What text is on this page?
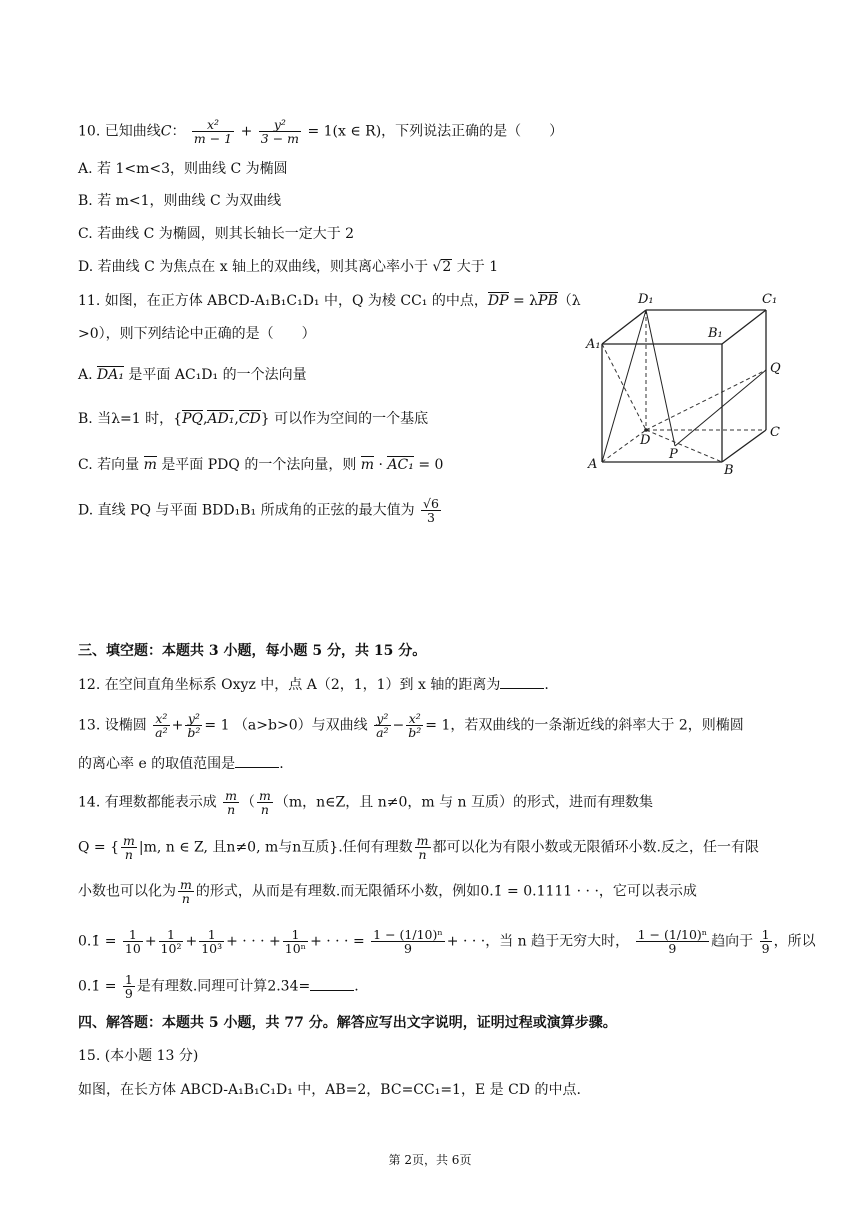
10. 已知曲线C： $\frac{\text{x²}}{m - 1} + \frac{\text{y²}}{3 - m} = 1(x$ ∈ R)，下列说法正确的是（　　）
A. 若 1<m<3，则曲线 C 为椭圆
B. 若 m<1，则曲线 C 为双曲线
C. 若曲线 C 为椭圆，则其长轴长一定大于 2
D. 若曲线 C 为焦点在 x 轴上的双曲线，则其离心率小于 √2 大于 1
11. 如图，在正方体 ABCD-A₁B₁C₁D₁ 中，Q 为棱 CC₁ 的中点，DP = λPB（λ
>0），则下列结论中正确的是（　　）
A. DA₁ 是平面 AC₁D₁ 的一个法向量
B. 当λ=1 时，{PQ,AD₁,CD} 可以作为空间的一个基底
C. 若向量 m 是平面 PDQ 的一个法向量，则 m · AC₁ = 0
D. 直线 PQ 与平面 BDD₁B₁ 所成角的正弦的最大值为 $\frac{√6}{3}$
D₁	C₁
A₁
B₁
Q
D
C
A
P
B
三、填空题：本题共 3 小题，每小题 5 分，共 15 分。
12. 在空间直角坐标系 Oxyz 中，点 A（2，1，1）到 x 轴的距离为	.
13. 设椭圆 $\frac{\text{x²}}{\text{a²}} + \frac{\text{y²}}{\text{b²}} = 1$ （a>b>0）与双曲线 $\frac{\text{y²}}{\text{a²}} - \frac{\text{x²}}{\text{b²}} = 1$，若双曲线的一条渐近线的斜率大于 2，则椭圆
的离心率 e 的取值范围是	.
14. 有理数都能表示成 $\frac{m}{n}$ （ $\frac{m}{n} (m$，n∈Z，且 n≠0，m 与 n 互质）的形式，进而有理数集
Q = { $\frac{m}{n} |m$, n ∈ Z, 且n≠0, m与n互质}.任何有理数 $\frac{m}{n}$ 都可以化为有限小数或无限循环小数.反之，任一有限
小数也可以化为 $\frac{m}{n}$ 的形式，从而是有理数.而无限循环小数，例如0.1̇ = 0.1111 · · ·，它可以表示成
0.1̇ = $\frac{1}{10} + \frac{1}{\text{10²}} + \frac{1}{\text{10³}}$ + · · · + $\frac{1}{\text{10ⁿ}}$ + · · · = $\frac{\text{1 − (1/10)ⁿ}}{9}$ + · · ·，当 n 趋于无穷大时， $\frac{\text{1 − (1/10)ⁿ}}{9}$ 趋向于 $\frac{1}{9}$ ，所以
0.1̇ = $\frac{1}{9}$ 是有理数.同理可计算2.3̇4̇=	.
四、解答题：本题共 5 小题，共 77 分。解答应写出文字说明，证明过程或演算步骤。
15. (本小题 13 分)
如图，在长方体 ABCD-A₁B₁C₁D₁ 中，AB=2，BC=CC₁=1，E 是 CD 的中点.
第 2页，共 6页
